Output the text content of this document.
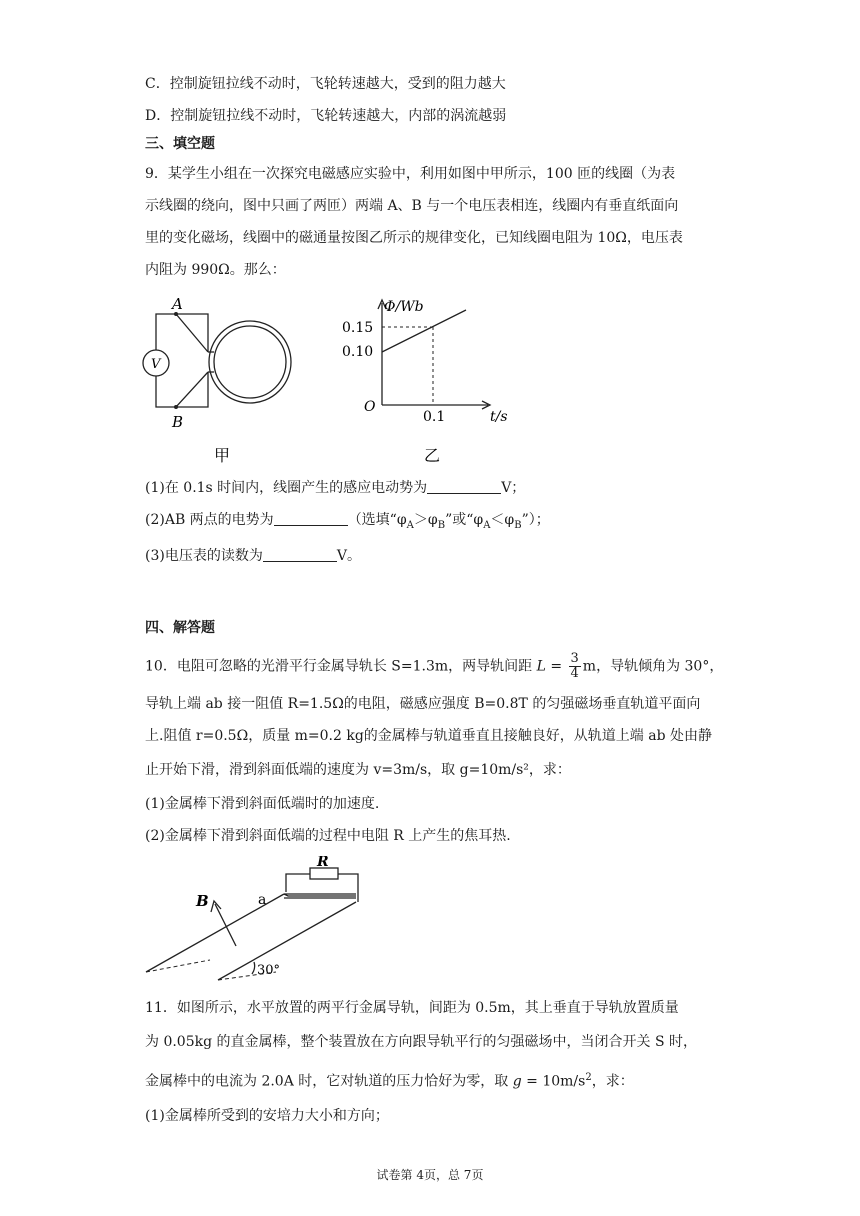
C．控制旋钮拉线不动时，飞轮转速越大，受到的阻力越大
D．控制旋钮拉线不动时，飞轮转速越大，内部的涡流越弱
三、填空题
9．某学生小组在一次探究电磁感应实验中，利用如图中甲所示，100 匝的线圈（为表
示线圈的绕向，图中只画了两匝）两端 A、B 与一个电压表相连，线圈内有垂直纸面向
里的变化磁场，线圈中的磁通量按图乙所示的规律变化，已知线圈电阻为 10Ω，电压表
内阻为 990Ω。那么：
A
B
V
甲
Φ/Wb
0.15
0.10
O
0.1	t/s
乙
(1)在 0.1s 时间内，线圈产生的感应电动势为	V；
(2)AB 两点的电势为	（选填“$\varphi_A>\varphi_B$”或“$\varphi_A<\varphi_B$”）；
(3)电压表的读数为	V。
四、解答题
10．电阻可忽略的光滑平行金属导轨长 S=1.3m，两导轨间距 $L = \frac{3}{4}$ m，导轨倾角为 30°，
导轨上端 ab 接一阻值 R=1.5Ω的电阻，磁感应强度 B=0.8T 的匀强磁场垂直轨道平面向
上.阻值 r=0.5Ω，质量 m=0.2 kg的金属棒与轨道垂直且接触良好，从轨道上端 ab 处由静
止开始下滑，滑到斜面低端的速度为 v=3m/s，取 g=10m/s²，求：
(1)金属棒下滑到斜面低端时的加速度.
(2)金属棒下滑到斜面低端的过程中电阻 R 上产生的焦耳热.
B	a
R
30°
11．如图所示，水平放置的两平行金属导轨，间距为 0.5m，其上垂直于导轨放置质量
为 0.05kg 的直金属棒，整个装置放在方向跟导轨平行的匀强磁场中，当闭合开关 S 时，
金属棒中的电流为 2.0A 时，它对轨道的压力恰好为零，取 $g = 10m/s^2$，求：
(1)金属棒所受到的安培力大小和方向；
试卷第 4页，总 7页
